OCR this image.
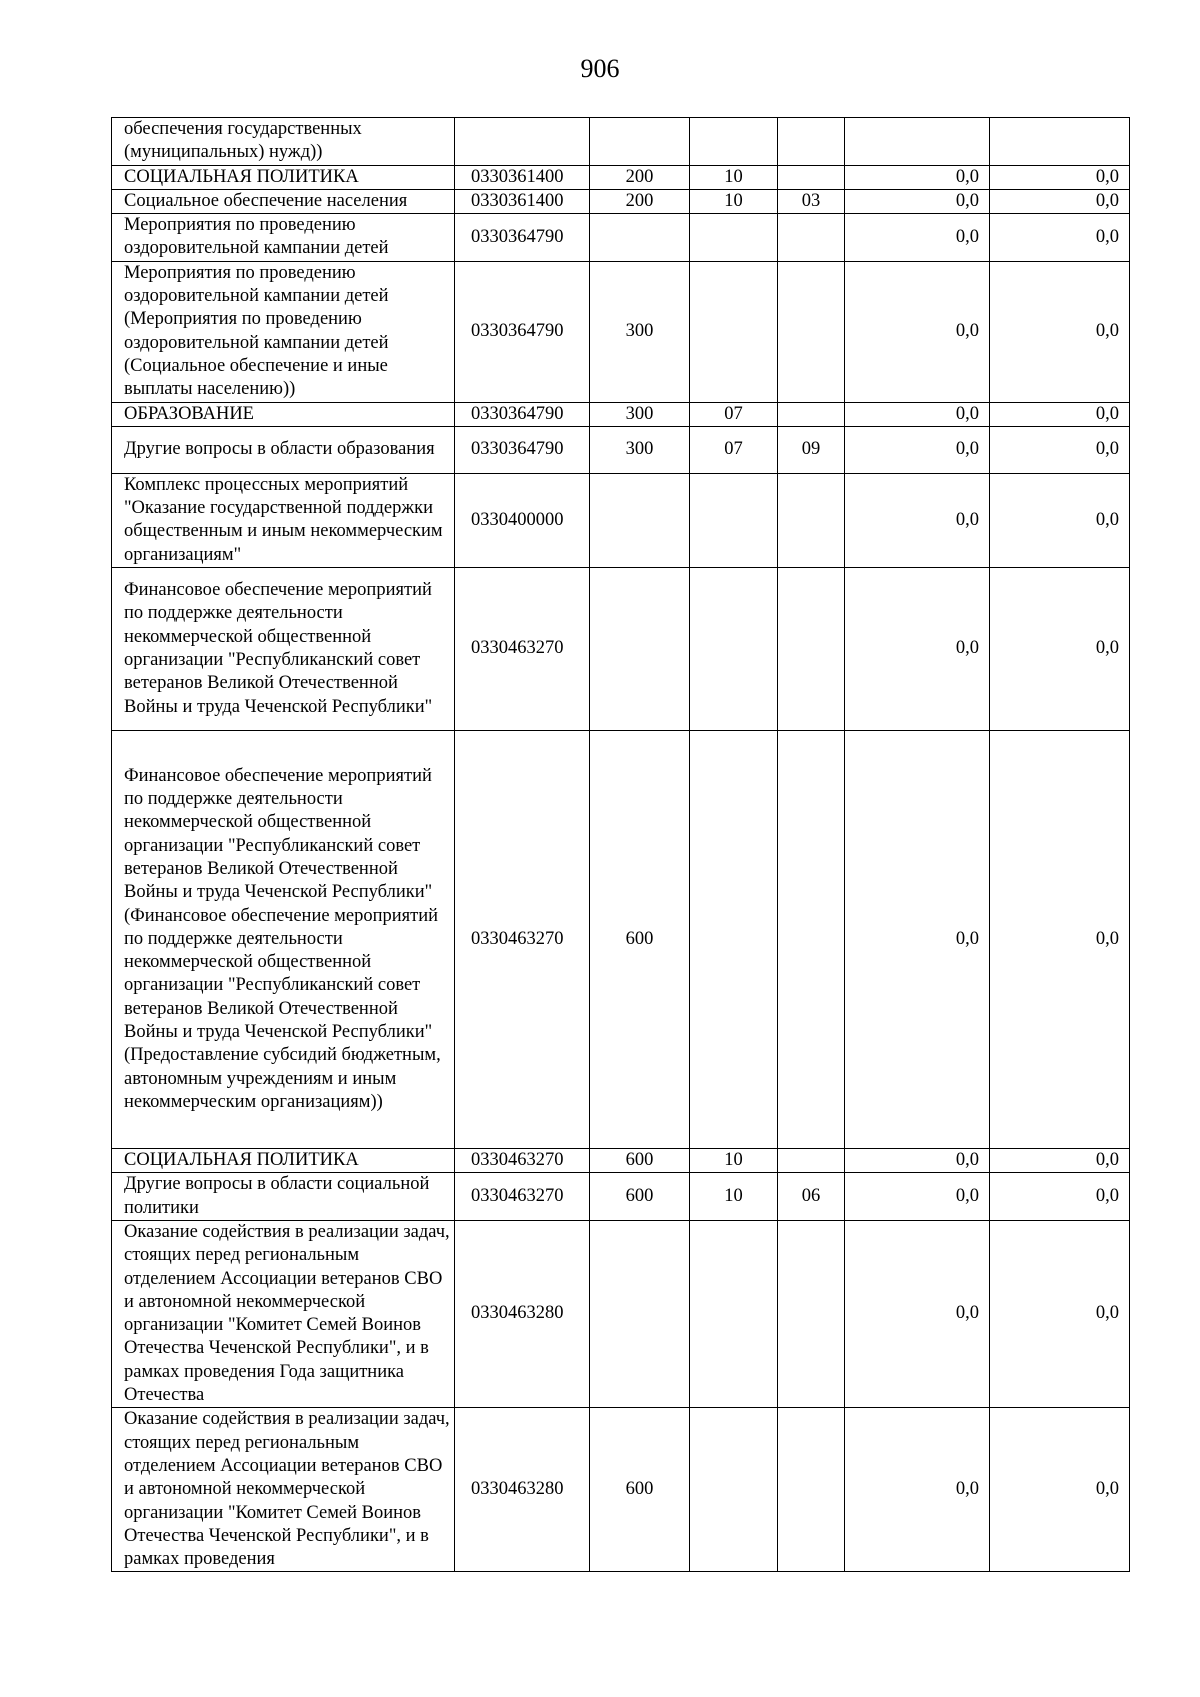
906
обеспечения государственных (муниципальных) нужд))						
СОЦИАЛЬНАЯ ПОЛИТИКА	0330361400	200	10		0,0	0,0
Социальное обеспечение населения	0330361400	200	10	03	0,0	0,0
Мероприятия по проведению оздоровительной кампании детей	0330364790				0,0	0,0
Мероприятия по проведению оздоровительной кампании детей (Мероприятия по проведению оздоровительной кампании детей (Социальное обеспечение и иные выплаты населению))	0330364790	300			0,0	0,0
ОБРАЗОВАНИЕ	0330364790	300	07		0,0	0,0
Другие вопросы в области образования	0330364790	300	07	09	0,0	0,0
Комплекс процессных мероприятий "Оказание государственной поддержки общественным и иным некоммерческим организациям"	0330400000				0,0	0,0
Финансовое обеспечение мероприятий по поддержке деятельности некоммерческой общественной организации "Республиканский совет ветеранов Великой Отечественной Войны и труда Чеченской Республики"	0330463270				0,0	0,0
Финансовое обеспечение мероприятий по поддержке деятельности некоммерческой общественной организации "Республиканский совет ветеранов Великой Отечественной Войны и труда Чеченской Республики" (Финансовое обеспечение мероприятий по поддержке деятельности некоммерческой общественной организации "Республиканский совет ветеранов Великой Отечественной Войны и труда Чеченской Республики" (Предоставление субсидий бюджетным, автономным учреждениям и иным некоммерческим организациям))	0330463270	600			0,0	0,0
СОЦИАЛЬНАЯ ПОЛИТИКА	0330463270	600	10		0,0	0,0
Другие вопросы в области социальной политики	0330463270	600	10	06	0,0	0,0
Оказание содействия в реализации задач, стоящих перед региональным отделением Ассоциации ветеранов СВО и автономной некоммерческой организации "Комитет Семей Воинов Отечества Чеченской Республики", и в рамках проведения Года защитника Отечества	0330463280				0,0	0,0
Оказание содействия в реализации задач, стоящих перед региональным отделением Ассоциации ветеранов СВО и автономной некоммерческой организации "Комитет Семей Воинов Отечества Чеченской Республики", и в рамках проведения	0330463280	600			0,0	0,0
